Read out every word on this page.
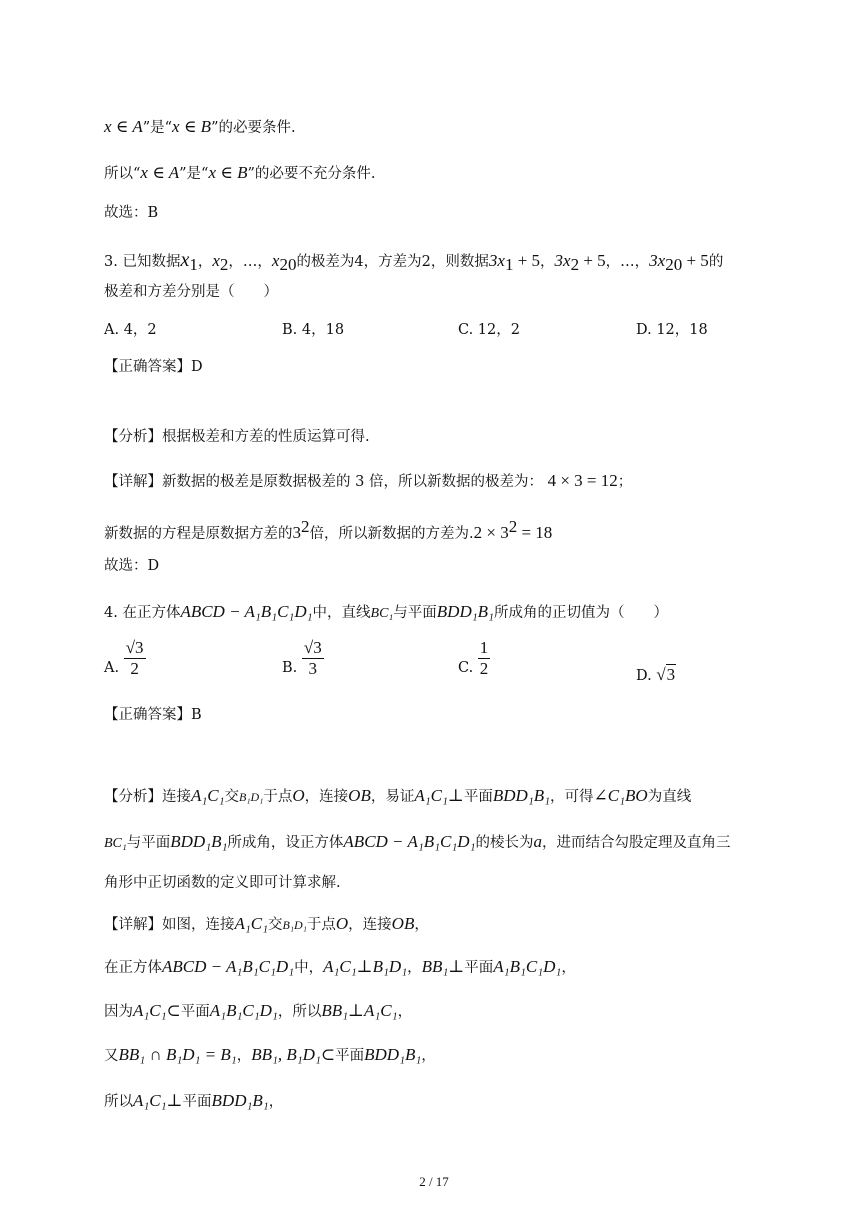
x ∈ A”是“x ∈ B”的必要条件.
所以“x ∈ A”是“x ∈ B”的必要不充分条件.
故选：B
3. 已知数据$x_1$，$x_2$，…，$x_{20}$的极差为4，方差为2，则数据$3x_1 + 5$，$3x_2 + 5$，…，$3x_{20} + 5$的
极差和方差分别是（　　）
A. 4，2	B. 4，18	C. 12，2	D. 12，18
【正确答案】D
【分析】根据极差和方差的性质运算可得.
【详解】新数据的极差是原数据极差的 3 倍，所以新数据的极差为： 4 × 3 = 12；
新数据的方程是原数据方差的$3^2$倍，所以新数据的方差为$.2 \times 3^2 = 18$
故选：D
4. 在正方体ABCD − A₁B₁C₁D₁中，直线BC₁与平面BDD₁B₁所成角的正切值为（　　）
A. $\frac{√3}{2}$	B. $\frac{√3}{3}$	C. $\frac{1}{2}$	D. √3
【正确答案】B
【分析】连接A₁C₁交B₁D₁于点O，连接OB，易证A₁C₁⊥平面BDD₁B₁，可得∠C₁BO为直线
BC₁与平面BDD₁B₁所成角，设正方体ABCD − A₁B₁C₁D₁的棱长为a，进而结合勾股定理及直角三
角形中正切函数的定义即可计算求解.
【详解】如图，连接A₁C₁交B₁D₁于点O，连接OB，
在正方体ABCD − A₁B₁C₁D₁中，A₁C₁⊥B₁D₁，BB₁⊥平面A₁B₁C₁D₁，
因为A₁C₁⊂平面A₁B₁C₁D₁，所以BB₁⊥A₁C₁，
又BB₁ ∩ B₁D₁ = B₁，BB₁, B₁D₁⊂平面BDD₁B₁，
所以A₁C₁⊥平面BDD₁B₁，
2 / 17
